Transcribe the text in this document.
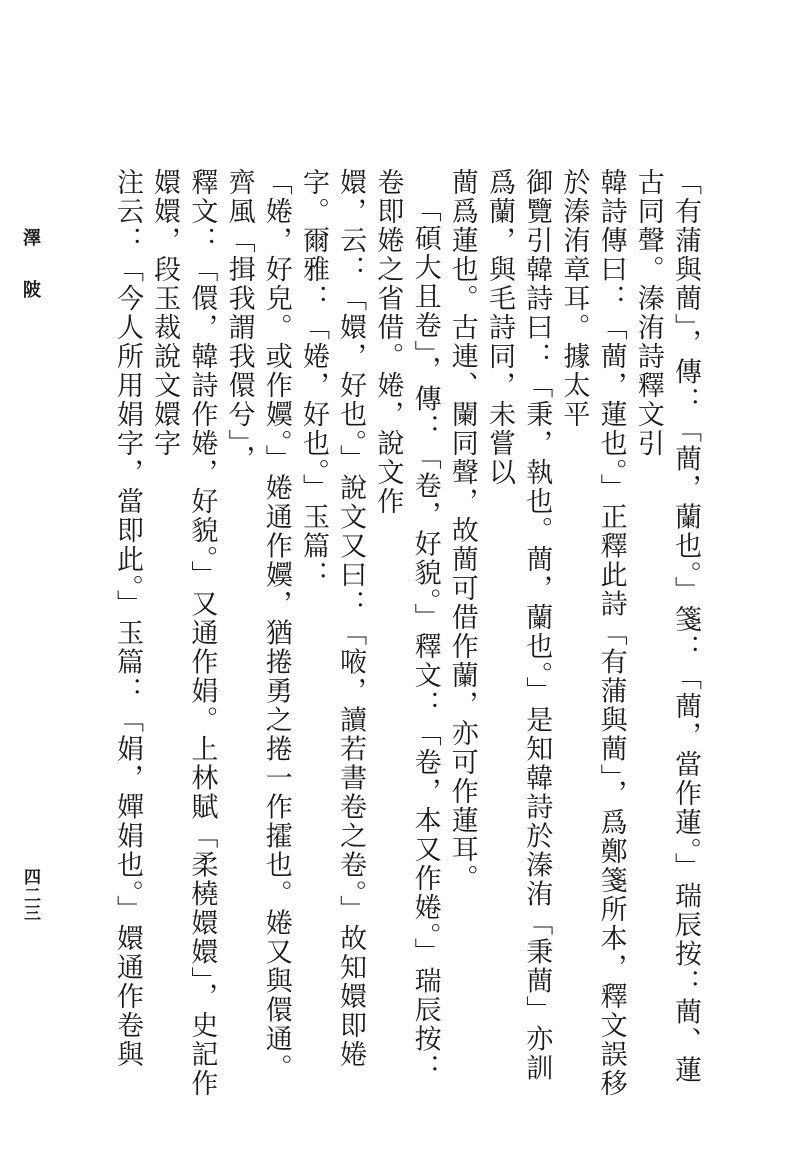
澤 陂
四二三	「有蒲與蕳」，傳：「蕳，蘭也。」箋：「蕳，當作蓮。」瑞辰按：蕳、蓮古同聲。溱洧詩釋文引

韓詩傳曰：「蕳，蓮也。」正釋此詩「有蒲與蕳」，爲鄭箋所本，釋文誤移於溱洧章耳。據太平

御覽引韓詩曰：「秉，執也。蕳，蘭也。」是知韓詩於溱洧「秉蕳」亦訓爲蘭，與毛詩同，未嘗以

蕳爲蓮也。古連、闌同聲，故蕳可借作蘭，亦可作蓮耳。

「碩大且卷」，傳：「卷，好貌。」釋文：「卷，本又作婘。」瑞辰按：卷即婘之省借。婘，說文作

嬛，云：「嬛，好也。」說文又曰：「㖡，讀若書卷之卷。」故知嬛即婘字。爾雅：「婘，好也。」玉篇：

「婘，好皃。或作嬽。」婘通作嬽，猶捲勇之捲一作攉也。婘又與儇通。齊風「揖我謂我儇兮」，

釋文：「儇，韓詩作婘，好貌。」又通作娟。上林賦「柔橈嬛嬛」，史記作嬛嬛，段玉裁說文嬛字

注云：「今人所用娟字，當即此。」玉篇：「娟，嬋娟也。」嬛通作卷與
